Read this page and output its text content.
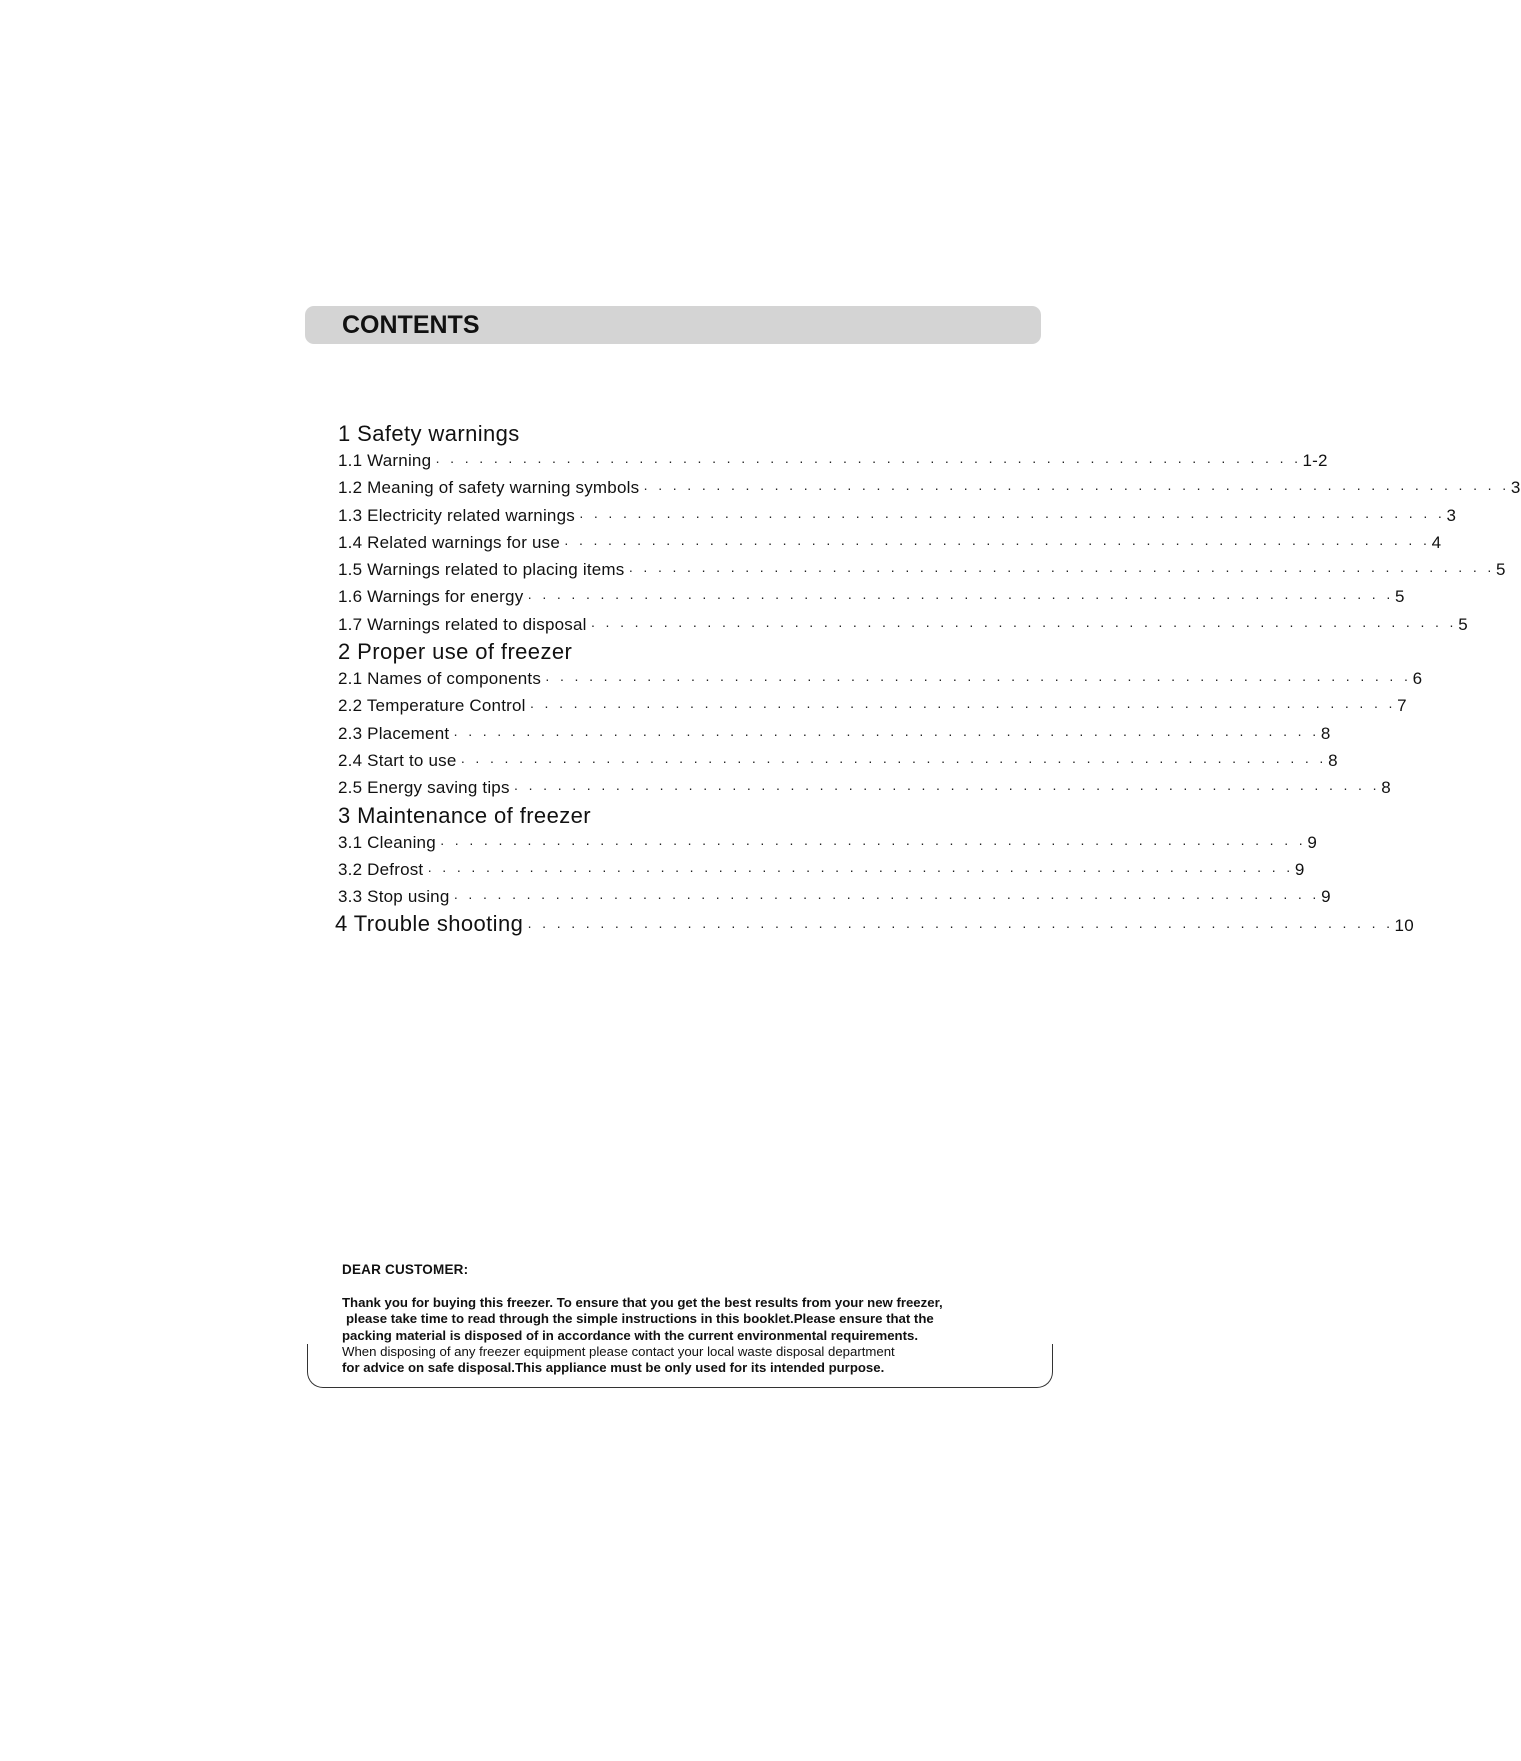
CONTENTS
1 Safety warnings
1.1 Warning · · · · · · · · · · · · · · · · · · · · · · · · · · · · · · · · · · · · · · · · · · · · · · · · · · · · · · · · · · · · 1-2
1.2 Meaning of safety warning symbols · · · · · · · · · · · · · · · · · · · · · · · · · · · · · · · · · · · · · · · · · · · · · · · · · · · · · · · · · · · · 3
1.3 Electricity related warnings · · · · · · · · · · · · · · · · · · · · · · · · · · · · · · · · · · · · · · · · · · · · · · · · · · · · · · · · · · · · 3
1.4 Related warnings for use · · · · · · · · · · · · · · · · · · · · · · · · · · · · · · · · · · · · · · · · · · · · · · · · · · · · · · · · · · · · 4
1.5 Warnings related to placing items · · · · · · · · · · · · · · · · · · · · · · · · · · · · · · · · · · · · · · · · · · · · · · · · · · · · · · · · · · · · 5
1.6 Warnings for energy · · · · · · · · · · · · · · · · · · · · · · · · · · · · · · · · · · · · · · · · · · · · · · · · · · · · · · · · · · · · 5
1.7 Warnings related to disposal · · · · · · · · · · · · · · · · · · · · · · · · · · · · · · · · · · · · · · · · · · · · · · · · · · · · · · · · · · · · 5
2 Proper use of freezer
2.1 Names of components · · · · · · · · · · · · · · · · · · · · · · · · · · · · · · · · · · · · · · · · · · · · · · · · · · · · · · · · · · · · 6
2.2 Temperature Control · · · · · · · · · · · · · · · · · · · · · · · · · · · · · · · · · · · · · · · · · · · · · · · · · · · · · · · · · · · · 7
2.3 Placement · · · · · · · · · · · · · · · · · · · · · · · · · · · · · · · · · · · · · · · · · · · · · · · · · · · · · · · · · · · · 8
2.4 Start to use · · · · · · · · · · · · · · · · · · · · · · · · · · · · · · · · · · · · · · · · · · · · · · · · · · · · · · · · · · · · 8
2.5 Energy saving tips · · · · · · · · · · · · · · · · · · · · · · · · · · · · · · · · · · · · · · · · · · · · · · · · · · · · · · · · · · · · 8
3 Maintenance of freezer
3.1 Cleaning · · · · · · · · · · · · · · · · · · · · · · · · · · · · · · · · · · · · · · · · · · · · · · · · · · · · · · · · · · · · 9
3.2 Defrost · · · · · · · · · · · · · · · · · · · · · · · · · · · · · · · · · · · · · · · · · · · · · · · · · · · · · · · · · · · · 9
3.3 Stop using · · · · · · · · · · · · · · · · · · · · · · · · · · · · · · · · · · · · · · · · · · · · · · · · · · · · · · · · · · · · 9
4 Trouble shooting · · · · · · · · · · · · · · · · · · · · · · · · · · · · · · · · · · · · · · · · · · · · · · · · · · · · · · · · · · · · 10
DEAR CUSTOMER:

Thank you for buying this freezer. To ensure that you get the best results from your new freezer,

please take time to read through the simple instructions in this booklet.Please ensure that the

packing material is disposed of in accordance with the current environmental requirements.

When disposing of any freezer equipment please contact your local waste disposal department

for advice on safe disposal.This appliance must be only used for its intended purpose.
